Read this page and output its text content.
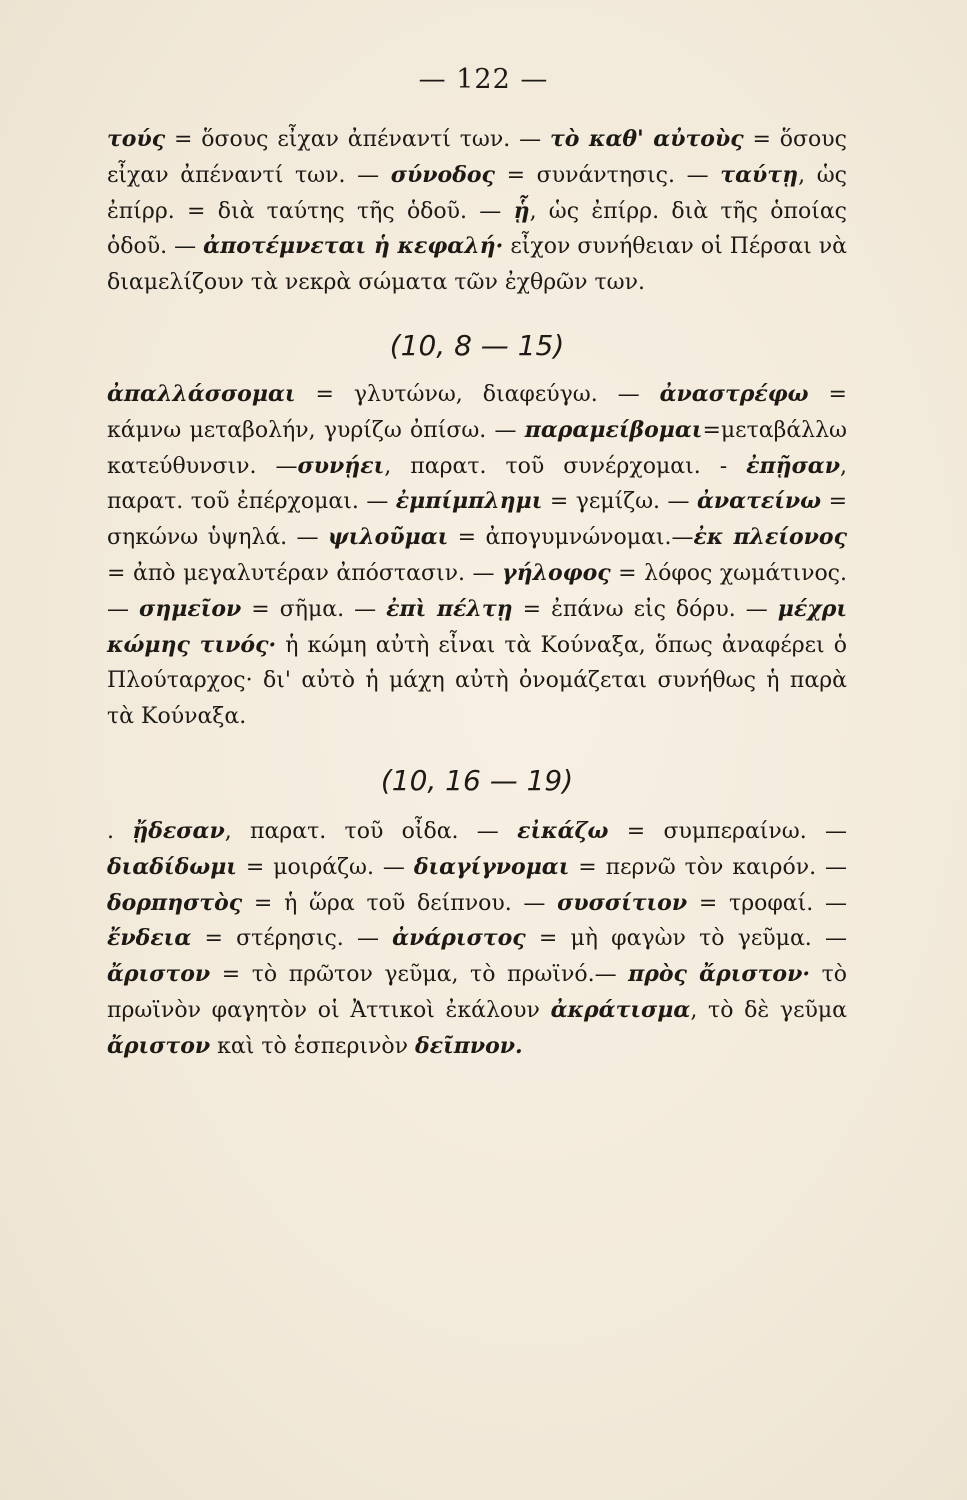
— 122 —

τούς = ὅσους εἶχαν ἀπέναντί των. — τὸ καθ' αὐτοὺς = ὅσους εἶχαν ἀπέναντί των. — σύνοδος = συνάντησις. — ταύτῃ, ὡς ἐπίρρ. = διὰ ταύτης τῆς ὁδοῦ. — ᾗ, ὡς ἐπίρρ. διὰ τῆς ὁποίας ὁδοῦ. — ἀποτέμνεται ἡ κεφαλή· εἶχον συνήθειαν οἱ Πέρσαι νὰ διαμελίζουν τὰ νεκρὰ σώματα τῶν ἐχθρῶν των.

(10, 8 — 15)

ἀπαλλάσσομαι = γλυτώνω, διαφεύγω. — ἀναστρέφω = κάμνω μεταβολήν, γυρίζω ὀπίσω. — παραμείβομαι=μεταβάλλω κατεύθυνσιν. —συνῄει, παρατ. τοῦ συνέρχομαι. - ἐπῇσαν, παρατ. τοῦ ἐπέρχομαι. — ἐμπίμπλημι = γεμίζω. — ἀνατείνω = σηκώνω ὑψηλά. — ψιλοῦμαι = ἀπογυμνώνομαι.—ἐκ πλείονος = ἀπὸ μεγαλυτέραν ἀπόστασιν. — γήλοφος = λόφος χωμάτινος. — σημεῖον = σῆμα. — ἐπὶ πέλτῃ = ἐπάνω εἰς δόρυ. — μέχρι κώμης τινός· ἡ κώμη αὐτὴ εἶναι τὰ Κούναξα, ὅπως ἀναφέρει ὁ Πλούταρχος· δι' αὐτὸ ἡ μάχη αὐτὴ ὀνομάζεται συνήθως ἡ παρὰ τὰ Κούναξα.

(10, 16 — 19)

. ᾔδεσαν, παρατ. τοῦ οἶδα. — εἰκάζω = συμπεραίνω. — διαδίδωμι = μοιράζω. — διαγίγνομαι = περνῶ τὸν καιρόν. — δορπηστὸς = ἡ ὥρα τοῦ δείπνου. — συσσίτιον = τροφαί. — ἔνδεια = στέρησις. — ἀνάριστος = μὴ φαγὼν τὸ γεῦμα. — ἄριστον = τὸ πρῶτον γεῦμα, τὸ πρωϊνό.— πρὸς ἄριστον· τὸ πρωϊνὸν φαγητὸν οἱ Ἀττικοὶ ἐκάλουν ἀκράτισμα, τὸ δὲ γεῦμα ἄριστον καὶ τὸ ἑσπερινὸν δεῖπνον.
